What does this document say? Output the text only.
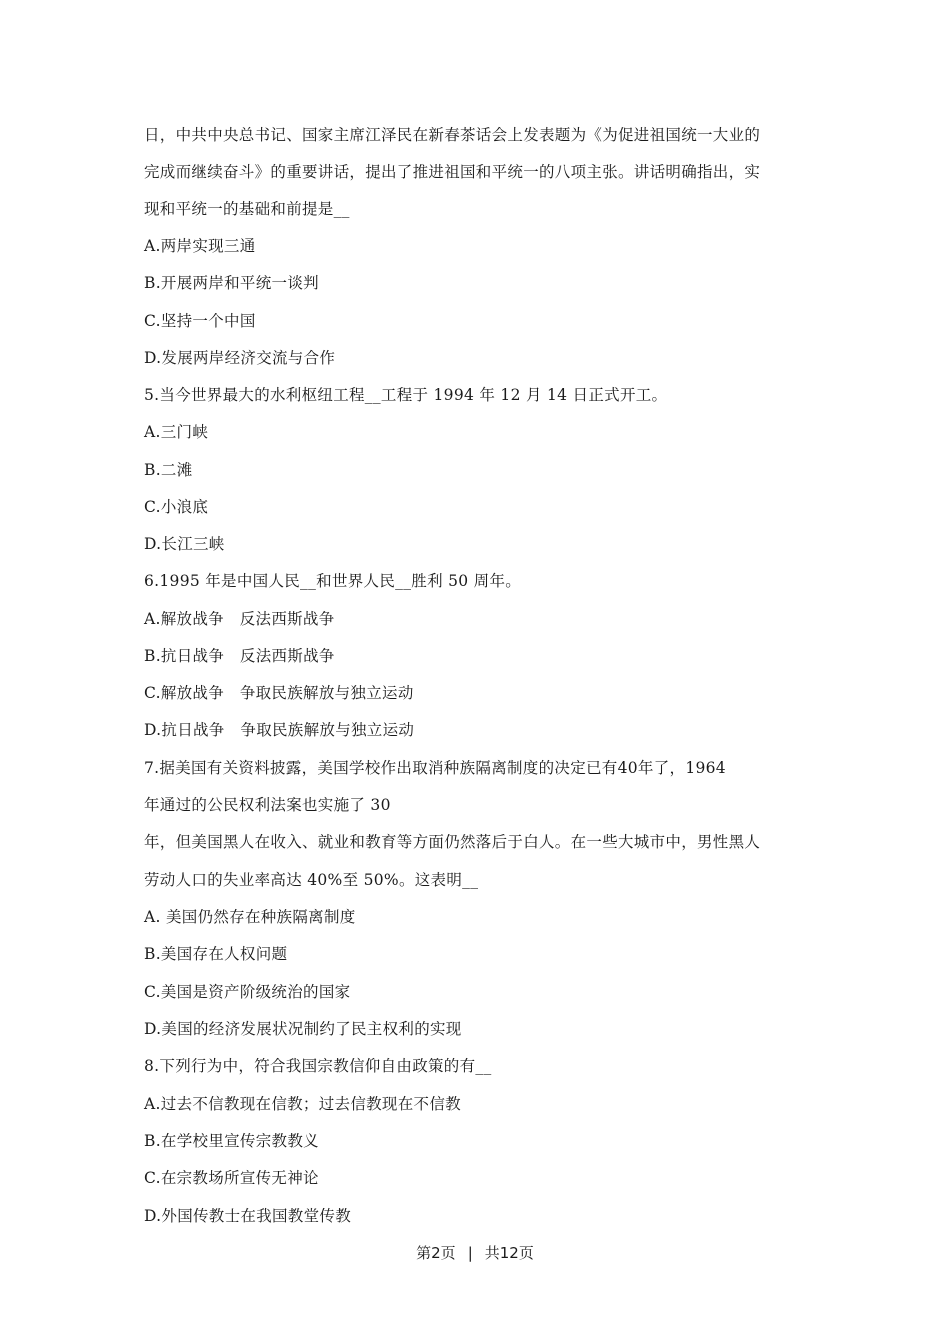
日，中共中央总书记、国家主席江泽民在新春茶话会上发表题为《为促进祖国统一大业的
完成而继续奋斗》的重要讲话，提出了推进祖国和平统一的八项主张。讲话明确指出，实
现和平统一的基础和前提是__
A.两岸实现三通
B.开展两岸和平统一谈判
C.坚持一个中国
D.发展两岸经济交流与合作
5.当今世界最大的水利枢纽工程__工程于 1994 年 12 月 14 日正式开工。
A.三门峡
B.二滩
C.小浪底
D.长江三峡
6.1995 年是中国人民__和世界人民__胜利 50 周年。
A.解放战争　反法西斯战争
B.抗日战争　反法西斯战争
C.解放战争　争取民族解放与独立运动
D.抗日战争　争取民族解放与独立运动
7.据美国有关资料披露，美国学校作出取消种族隔离制度的决定已有40年了，1964
年通过的公民权利法案也实施了 30
年，但美国黑人在收入、就业和教育等方面仍然落后于白人。在一些大城市中，男性黑人
劳动人口的失业率高达 40%至 50%。这表明__
A. 美国仍然存在种族隔离制度
B.美国存在人权问题
C.美国是资产阶级统治的国家
D.美国的经济发展状况制约了民主权利的实现
8.下列行为中，符合我国宗教信仰自由政策的有__
A.过去不信教现在信教；过去信教现在不信教
B.在学校里宣传宗教教义
C.在宗教场所宣传无神论
D.外国传教士在我国教堂传教
第2页 | 共12页
